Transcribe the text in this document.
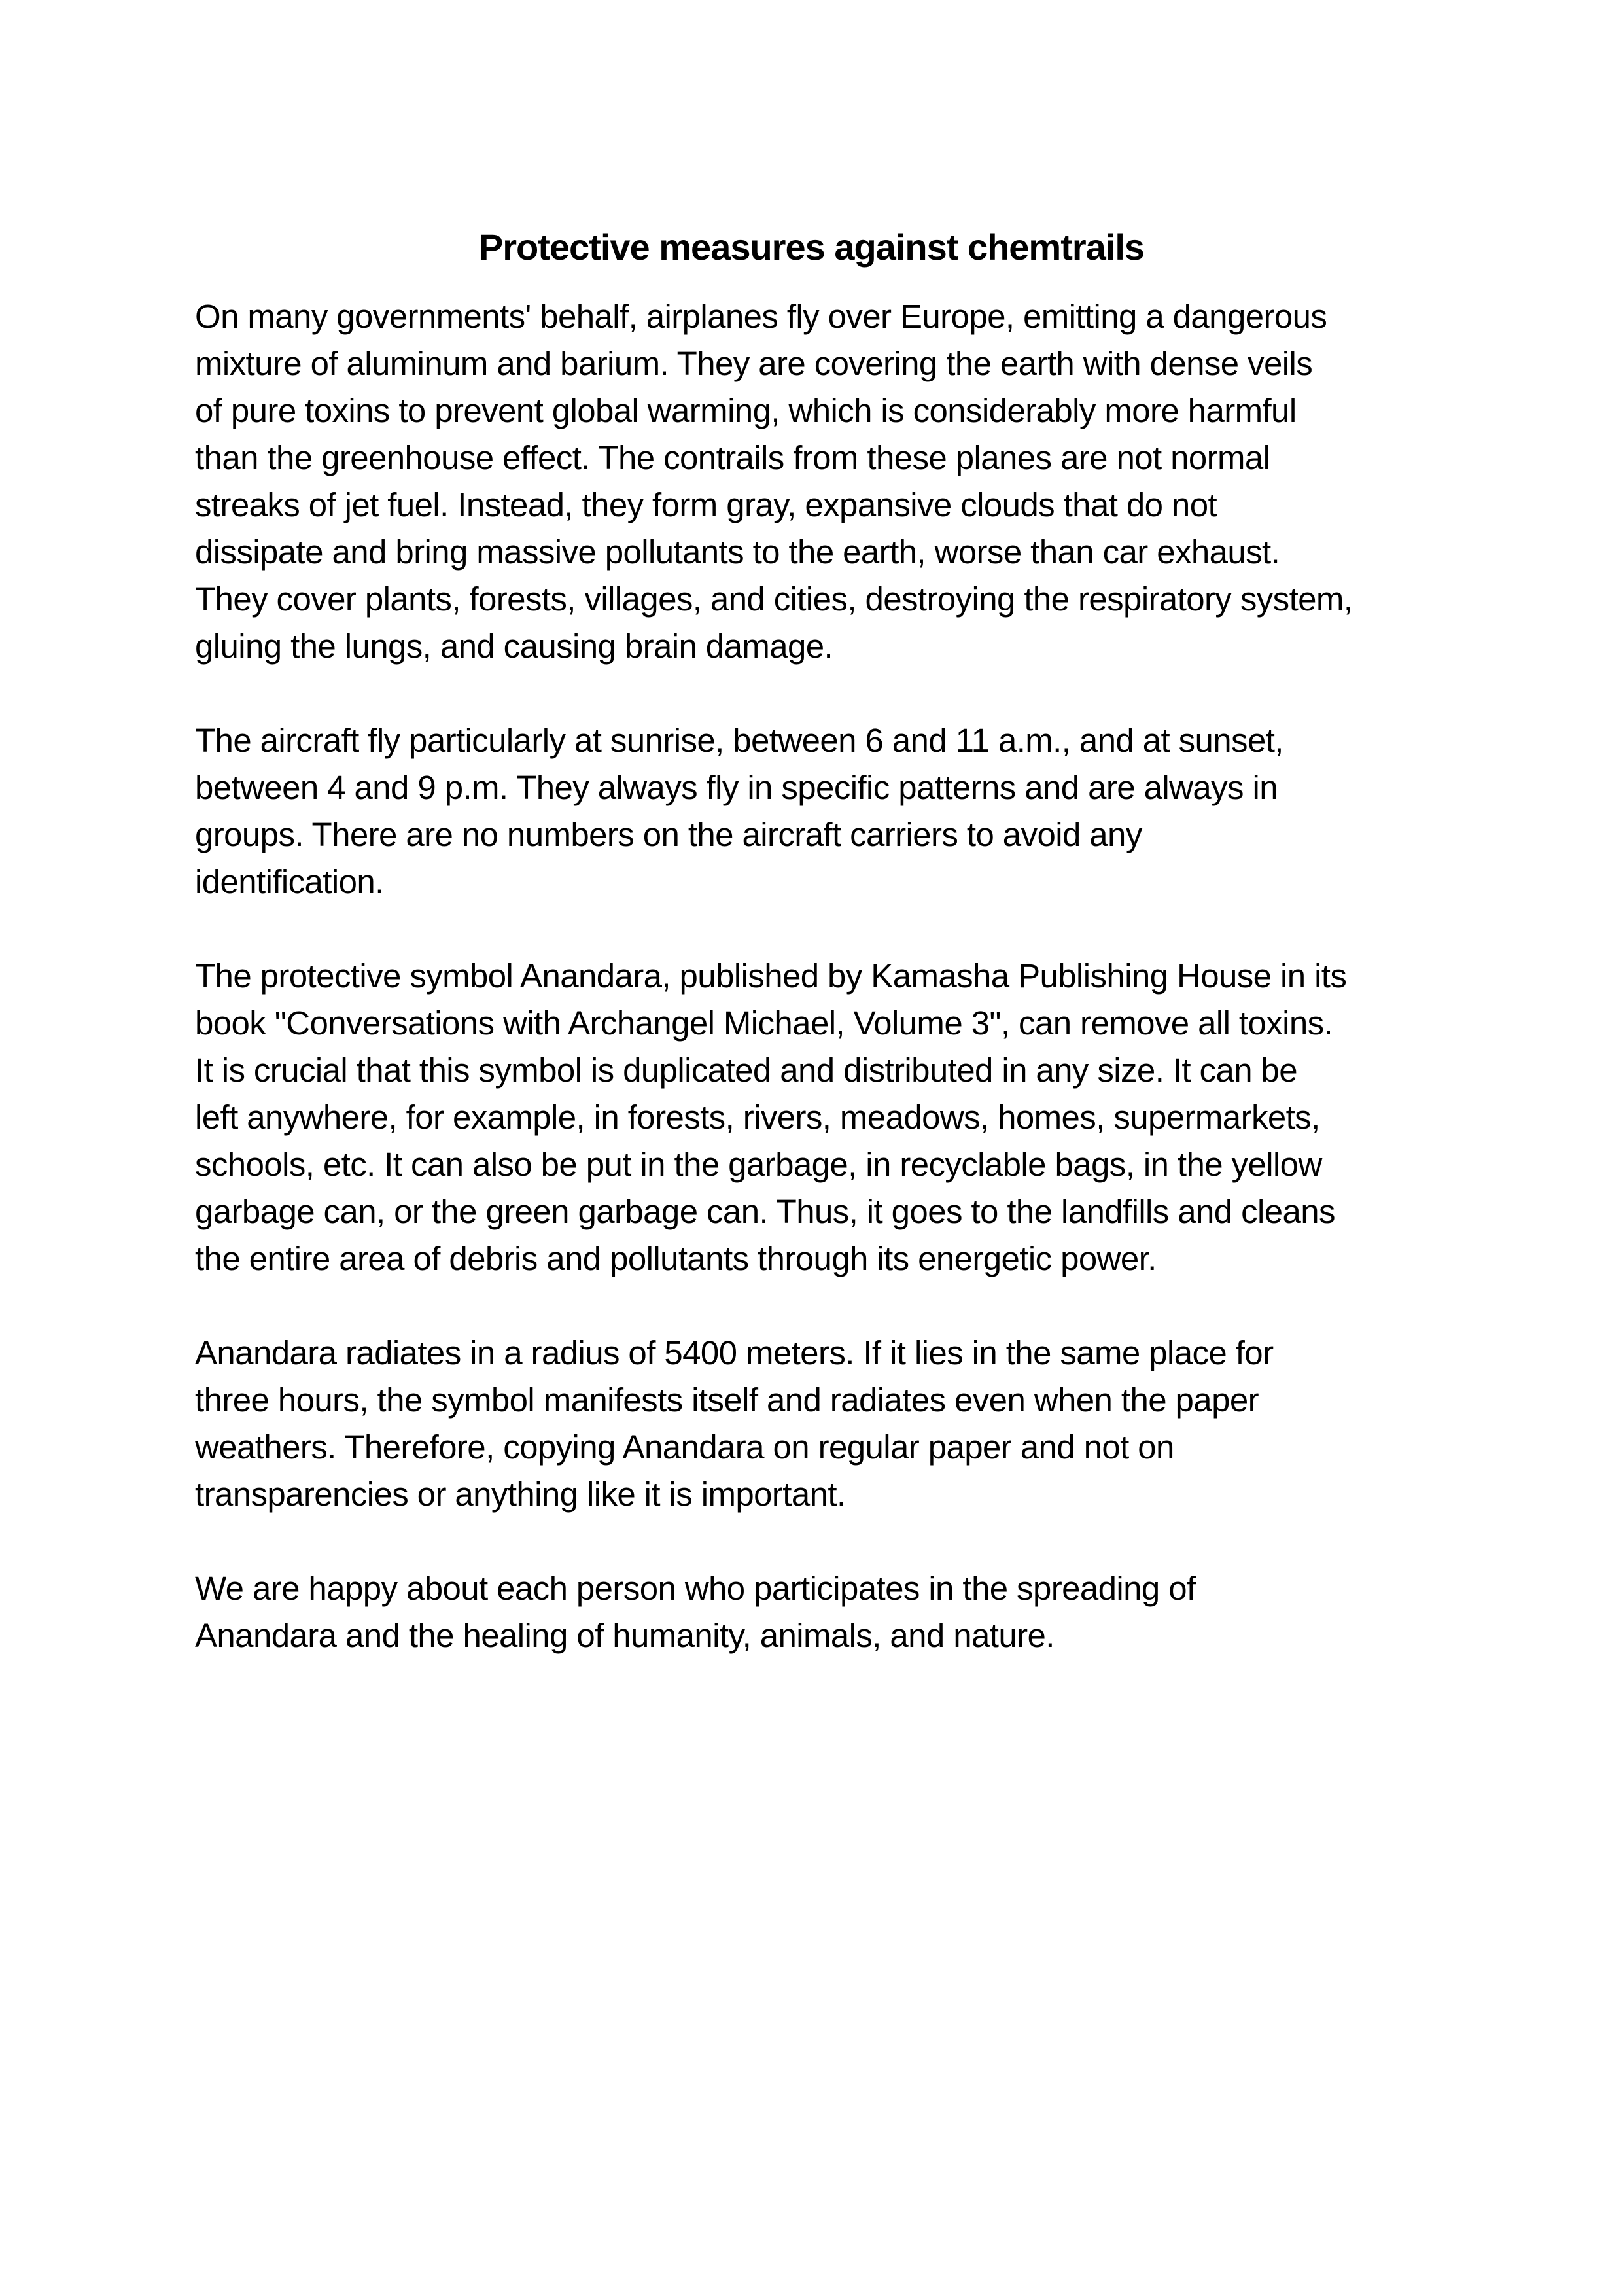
Protective measures against chemtrails

On many governments' behalf, airplanes fly over Europe, emitting a dangerous
mixture of aluminum and barium. They are covering the earth with dense veils
of pure toxins to prevent global warming, which is considerably more harmful
than the greenhouse effect. The contrails from these planes are not normal
streaks of jet fuel. Instead, they form gray, expansive clouds that do not
dissipate and bring massive pollutants to the earth, worse than car exhaust.
They cover plants, forests, villages, and cities, destroying the respiratory system,
gluing the lungs, and causing brain damage.

The aircraft fly particularly at sunrise, between 6 and 11 a.m., and at sunset,
between 4 and 9 p.m. They always fly in specific patterns and are always in
groups. There are no numbers on the aircraft carriers to avoid any
identification.

The protective symbol Anandara, published by Kamasha Publishing House in its
book "Conversations with Archangel Michael, Volume 3", can remove all toxins.
It is crucial that this symbol is duplicated and distributed in any size. It can be
left anywhere, for example, in forests, rivers, meadows, homes, supermarkets,
schools, etc. It can also be put in the garbage, in recyclable bags, in the yellow
garbage can, or the green garbage can. Thus, it goes to the landfills and cleans
the entire area of debris and pollutants through its energetic power.

Anandara radiates in a radius of 5400 meters. If it lies in the same place for
three hours, the symbol manifests itself and radiates even when the paper
weathers. Therefore, copying Anandara on regular paper and not on
transparencies or anything like it is important.

We are happy about each person who participates in the spreading of
Anandara and the healing of humanity, animals, and nature.
